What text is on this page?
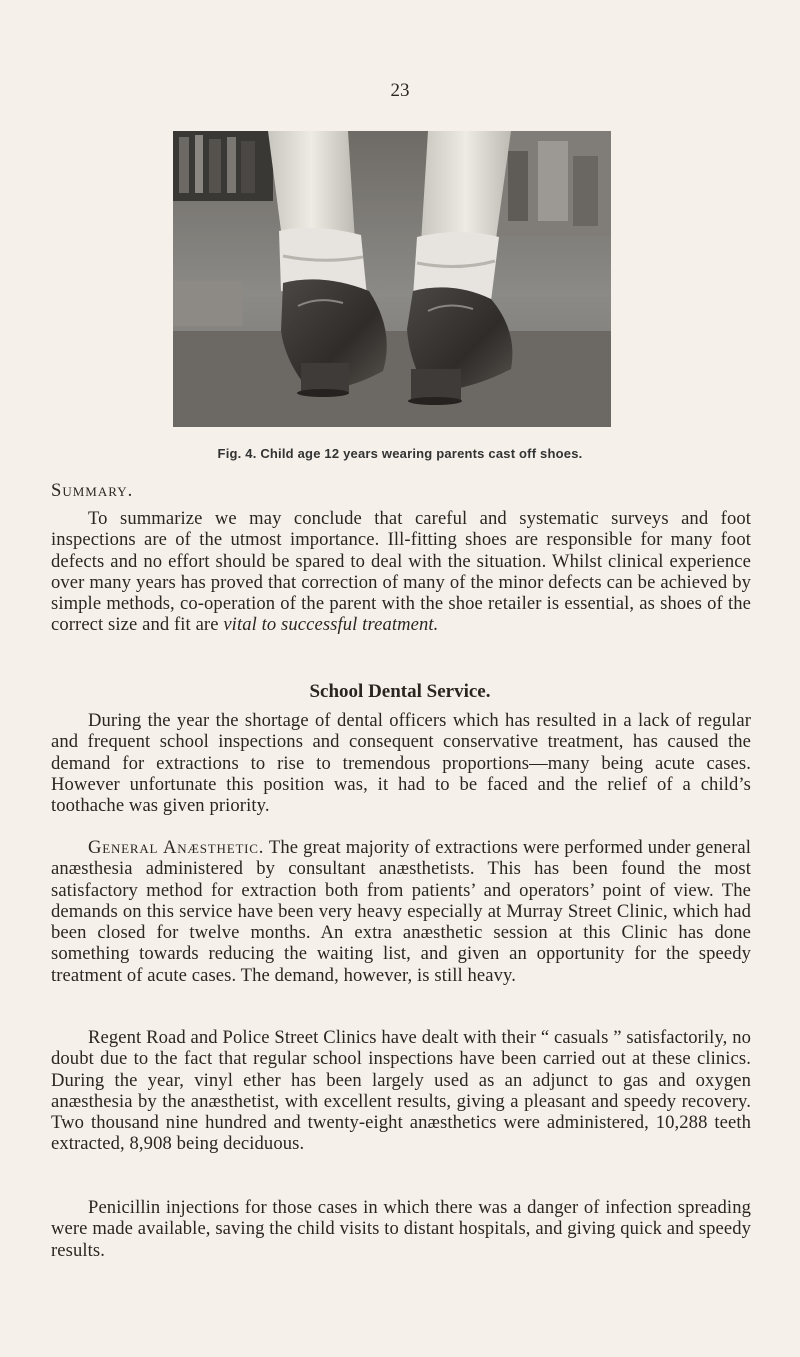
23
Fig. 4. Child age 12 years wearing parents cast off shoes.
Summary.

To summarize we may conclude that careful and systematic surveys and foot inspections are of the utmost importance. Ill-fitting shoes are responsible for many foot defects and no effort should be spared to deal with the situation. Whilst clinical experience over many years has proved that correction of many of the minor defects can be achieved by simple methods, co-operation of the parent with the shoe retailer is essential, as shoes of the correct size and fit are vital to successful treatment.

School Dental Service.

During the year the shortage of dental officers which has resulted in a lack of regular and frequent school inspections and consequent conservative treatment, has caused the demand for extractions to rise to tremendous proportions—many being acute cases. However unfortunate this position was, it had to be faced and the relief of a child’s toothache was given priority.

General Anæsthetic. The great majority of extractions were performed under general anæsthesia administered by consultant anæsthetists. This has been found the most satisfactory method for extraction both from patients’ and operators’ point of view. The demands on this service have been very heavy especially at Murray Street Clinic, which had been closed for twelve months. An extra anæsthetic session at this Clinic has done something towards reducing the waiting list, and given an opportunity for the speedy treatment of acute cases. The demand, however, is still heavy.

Regent Road and Police Street Clinics have dealt with their “ casuals ” satisfactorily, no doubt due to the fact that regular school inspections have been carried out at these clinics. During the year, vinyl ether has been largely used as an adjunct to gas and oxygen anæsthesia by the anæsthetist, with excellent results, giving a pleasant and speedy recovery. Two thousand nine hundred and twenty-eight anæsthetics were administered, 10,288 teeth extracted, 8,908 being deciduous.

Penicillin injections for those cases in which there was a danger of infection spreading were made available, saving the child visits to distant hospitals, and giving quick and speedy results.
